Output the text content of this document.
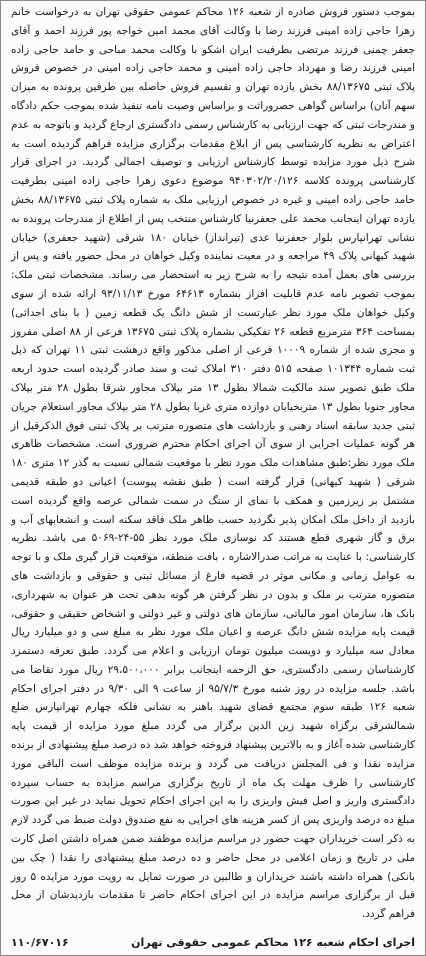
بموجب دستور فروش صادره از شعبه ۱۲۶ محاکم عمومی حقوقی تهران به درخواست خانم زهرا حاجی زاده امینی فرزند رضا با وکالت آقای محمد امین خواجه پور فرزند احمد و آقای جعفر چمنی فرزند مرتضی بطرفیت ایران اشکو با وکالت محمد مباحی و حامد حاجی زاده امینی فرزند رضا و مهرداد حاجی زاده امینی و محمد حاجی زاده امینی در خصوص فروش پلاک ثبتی ۸۸/۱۳۶۷۵ بخش یازده تهران و تقسیم فروش حاصله بین طرفین پرونده به میزان سهم آنان) براساس گواهی حصروراثت و براساس وصیت نامه تنفیذ شده بموجب حکم دادگاه و مندرجات ثبتی که جهت ارزیابی به کارشناس رسمی دادگستری ارجاع گردید و باتوجه به عدم اعتراض به نظریه کارشناسی پس از ابلاغ مقدمات برگزاری مزایده فراهم گردیده است به شرح ذیل مورد مزایده توسط کارشناس ارزیابی و توصیف اجمالی گردید. در اجرای قرار کارشناسی پرونده کلاسه ۹۴۰۳۰۲/۲۰/۱۲۶ موضوع دعوی زهرا حاجی زاده امینی بطرفیت حامد حاجی زاده امینی و غیره در خصوص ارزیابی ملک به شماره پلاک ثبتی ۸۸/۱۳۶۷۵ بخش یازده تهران اینجانب محمد علی جعفرنیا کارشناس منتخب پس از اطلاع از مندرجات پرونده به نشانی تهرانپارس بلوار جعفرنیا عدی (تیرانداز) خیابان ۱۸۰ شرقی (شهید جعفری) خیابان شهید کیهانی پلاک ۴۹ مراجعه و در معیت نماینده وکیل خواهان در محل حضور یافته و پس از بررسی های بعمل آمده نتیجه را به شرح زیر به استحضار می رساند. مشخصات ثبتی ملک: بموجب تصویر نامه عدم قابلیت افراز بشماره ۶۴۶۱۳ مورخ ۹۳/۱۱/۱۳ ارائه شده از سوی وکیل خواهان ملک مورد نظر عبارتست از شش دانگ یک قطعه زمین ( با بنای احداثی) بمساحت ۳۶۴ مترمربع قطعه ۲۶ تفکیکی بشماره پلاک ثبتی ۱۳۶۷۵ فرعی از ۸۸ اصلی مفروز و مجزی شده از شماره ۱۰۰۰۹ فرعی از اصلی مذکور واقع درهشت ثبتی ۱۱ تهران که ذیل ثبت شماره ۱۰۱۳۴۴ صفحه ۵۱۵ دفتر ۳۱۰ املاک ثبت و سند صادر گردیده است حدود اربعه ملک طبق تصویر سند مالکیت شمالا بطول ۱۳ متر بپلاک مجاور شرقا بطول ۲۸ متر بپلاک مجاور جنوبا بطول ۱۳ متربخیابان دوازده متری غربا بطول ۲۸ متر بپلاک مجاور استعلام جریان ثبتی جدید سابقه اسناد رهنی و بازداشت های متصوره مترتب بر پلاک ثبتی فوق الذکرقبل از هر گونه عملیات اجرایی از سوی آن اجرای احکام محترم ضروری است. مشخصات ظاهری ملک مورد نظر:طبق مشاهدات ملک مورد نظر با موقعیت شمالی نسبت به گذر ۱۲ متری ۱۸۰ شرقی ( شهید کیهانی) قرار گرفته است ( طبق نقشه پیوست) اعیانی دو طبقه قدیمی مشتمل بر زیرزمین و همکف با نمای از سنگ در سمت شمالی عرصه واقع گردیده است بازدید از داخل ملک امکان پذیر نگردید حسب ظاهر ملک فاقد سکنه است و انشعابهای آب و برق و گاز شهری قطع هستند کد نوسازی ملک مورد نظر ۵۵-۲۴-۵۰۶۹ می باشد. نظریه کارشناسی: با عنایت به مراتب صدرالاشاره ، بافت منطقه، موقعیت قرار گیری ملک و با توجه به عوامل زمانی و مکانی موثر در قضیه فارغ از مسائل ثبتی و حقوقی و بازداشت های متصوره مترتب بر ملک و بدون در نظر گرفتن هر گونه بدهی تحت هر عنوان به شهرداری، بانک ها، سازمان امور مالیاتی، سازمان های دولتی و غیر دولتی و اشخاص حقیقی و حقوقی، قیمت پایه مزایده شش دانگ عرصه و اعیان ملک مورد نظر به مبلغ سی و دو میلیارد ریال معادل سه میلیارد و دویست میلیون تومان ارزیابی و اعلام می گردد. طبق تعرفه دستمزد کارشناسان رسمی دادگستری، حق الزحمه اینجانب برابر ۲۹،۵۰۰،۰۰۰ ریال مورد تقاضا می باشد. جلسه مزایده در روز شنبه مورخ ۹۵/۷/۳ از ساعت ۹ الی ۹/۳۰ در دفتر اجرای احکام شعبه ۱۲۶ طبقه سوم مجتمع قضای شهید باهنر به نشانی فلکه چهارم تهرانپارس ضلع شمالشرقی برگزاه شهید زین الدین برگزار می گردد مبلغ مورد مزایده از قیمت پایه کارشناسی شده آغاز و به بالاترین پیشنهاد فروخته خواهد شد ده درصد مبلغ پیشنهادی از برنده مزایده نقدا و فی المجلس دریافت می گردد و برنده مزایده موظف است الباقی مورد کارشناسی را ظرف مهلت یک ماه از تاریخ برگزاری مراسم مزایده به حساب سپرده دادگستری واریز و اصل فیش واریزی را به این اجرای احکام تحویل نماید در غیر این صورت مبلغ ده درصد واریزی پس از کسر هزینه های اجرایی به نفع صندوق دولت ضبط می گردد لازم به ذکر است خریداران جهت حضور در مراسم مزایده موظفند ضمن همراه داشتن اصل کارت ملی در تاریخ و زمان اعلامی در محل حاضر و ده درصد مبلغ پیشنهادی را نقدا ( چک بین بانکی) همراه داشته باشند خریداران و طالبین در صورت تمایل به رویت مورد مزایده ۵ روز قبل از برگزاری مراسم مزایده در این اجرای احکام حاضر تا مقدمات بازدیدشان از محل فراهم گردد.

اجرای احکام شعبه ۱۲۶ محاکم عمومی حقوقی تهران
۱۱۰/۶۷۰۱۶
